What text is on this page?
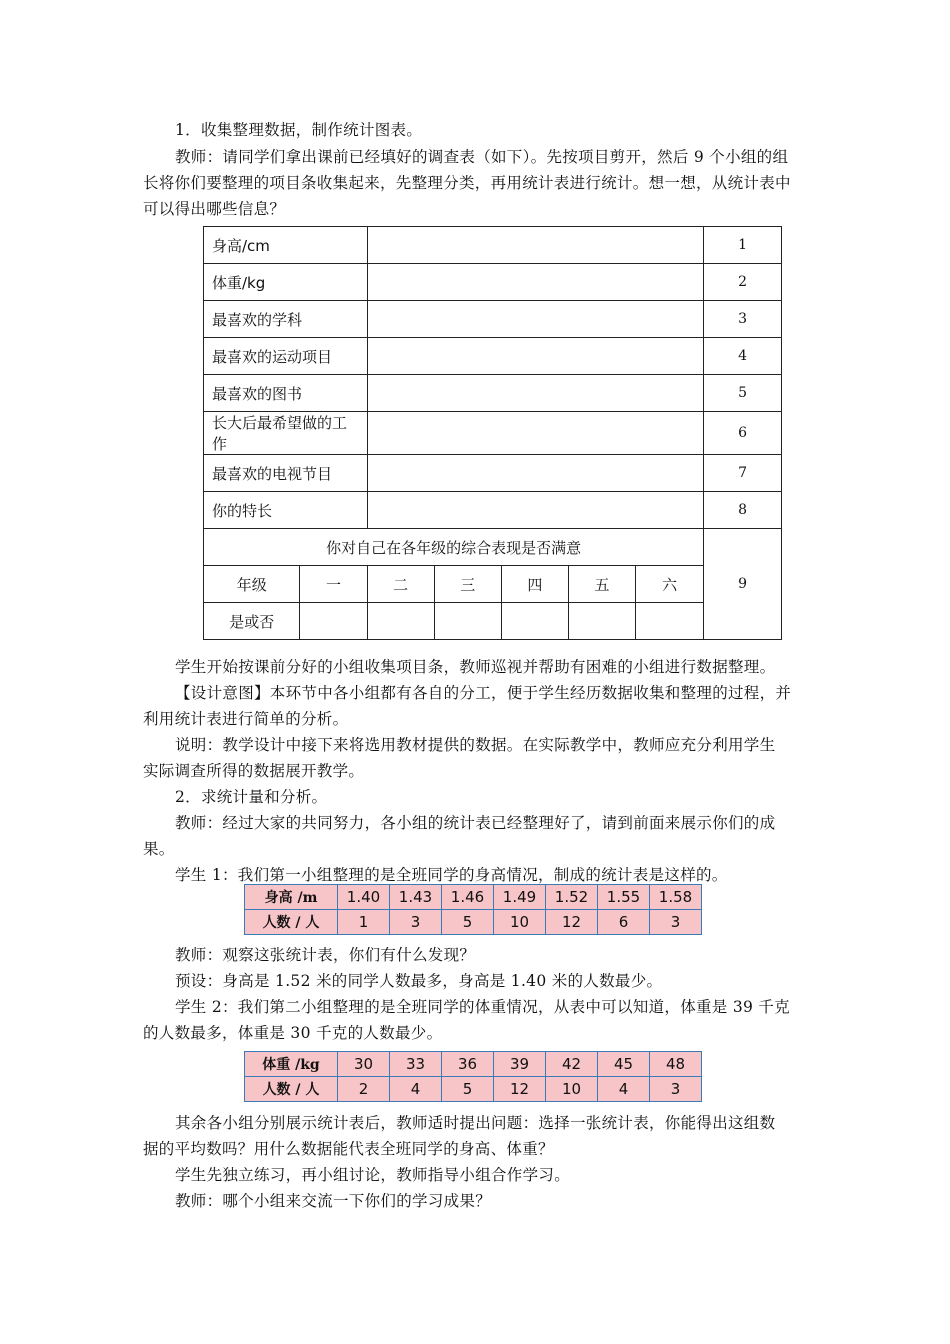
1．收集整理数据，制作统计图表。

教师：请同学们拿出课前已经填好的调查表（如下）。先按项目剪开，然后 9 个小组的组

长将你们要整理的项目条收集起来，先整理分类，再用统计表进行统计。想一想，从统计表中

可以得出哪些信息？

身高/cm							1
体重/kg							2
最喜欢的学科							3
最喜欢的运动项目							4
最喜欢的图书							5
长大后最希望做的工作							6
最喜欢的电视节目							7
你的特长							8
你对自己在各年级的综合表现是否满意							9
年级	一	二	三	四	五	六	
是或否							

学生开始按课前分好的小组收集项目条，教师巡视并帮助有困难的小组进行数据整理。

【设计意图】本环节中各小组都有各自的分工，便于学生经历数据收集和整理的过程，并

利用统计表进行简单的分析。

说明：教学设计中接下来将选用教材提供的数据。在实际教学中，教师应充分利用学生

实际调查所得的数据展开教学。

2．求统计量和分析。

教师：经过大家的共同努力，各小组的统计表已经整理好了，请到前面来展示你们的成

果。

学生 1：我们第一小组整理的是全班同学的身高情况，制成的统计表是这样的。

身高 /m	1.40	1.43	1.46	1.49	1.52	1.55	1.58
人数 / 人	1	3	5	10	12	6	3

教师：观察这张统计表，你们有什么发现？

预设：身高是 1.52 米的同学人数最多，身高是 1.40 米的人数最少。

学生 2：我们第二小组整理的是全班同学的体重情况，从表中可以知道，体重是 39 千克

的人数最多，体重是 30 千克的人数最少。

体重 /kg	30	33	36	39	42	45	48
人数 / 人	2	4	5	12	10	4	3

其余各小组分别展示统计表后，教师适时提出问题：选择一张统计表，你能得出这组数

据的平均数吗？用什么数据能代表全班同学的身高、体重？

学生先独立练习，再小组讨论，教师指导小组合作学习。

教师：哪个小组来交流一下你们的学习成果？
